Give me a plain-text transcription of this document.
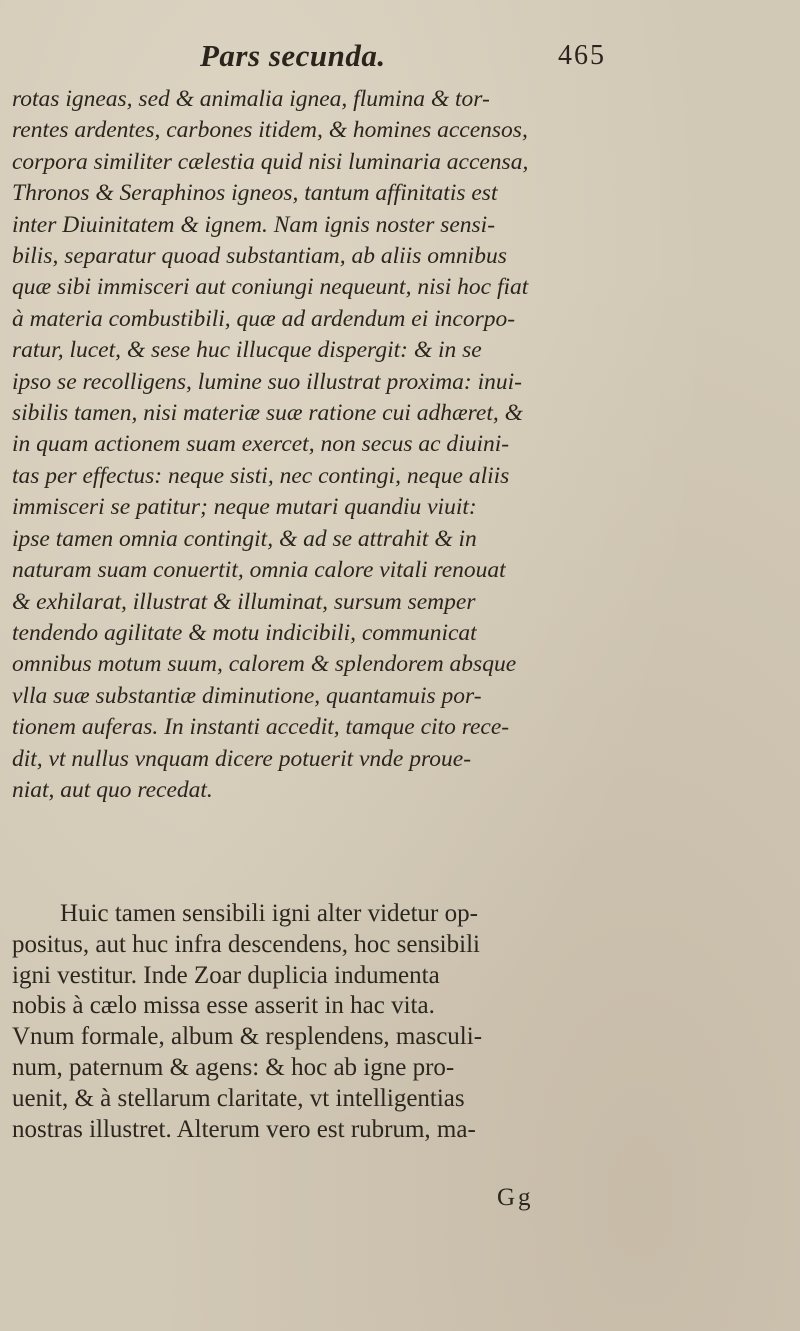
Pars secunda.	465
rotas igneas, sed & animalia ignea, flumina & tor-
rentes ardentes, carbones itidem, & homines accensos,
corpora similiter cælestia quid nisi luminaria accensa,
Thronos & Seraphinos igneos, tantum affinitatis est
inter Diuinitatem & ignem. Nam ignis noster sensi-
bilis, separatur quoad substantiam, ab aliis omnibus
quæ sibi immisceri aut coniungi nequeunt, nisi hoc fiat
à materia combustibili, quæ ad ardendum ei incorpo-
ratur, lucet, & sese huc illucque dispergit: & in se
ipso se recolligens, lumine suo illustrat proxima: inui-
sibilis tamen, nisi materiæ suæ ratione cui adhæret, &
in quam actionem suam exercet, non secus ac diuini-
tas per effectus: neque sisti, nec contingi, neque aliis
immisceri se patitur; neque mutari quandiu viuit:
ipse tamen omnia contingit, & ad se attrahit & in
naturam suam conuertit, omnia calore vitali renouat
& exhilarat, illustrat & illuminat, sursum semper
tendendo agilitate & motu indicibili, communicat
omnibus motum suum, calorem & splendorem absque
vlla suæ substantiæ diminutione, quantamuis por-
tionem auferas. In instanti accedit, tamque cito rece-
dit, vt nullus vnquam dicere potuerit vnde proue-
niat, aut quo recedat.
Huic tamen sensibili igni alter videtur op-
positus, aut huc infra descendens, hoc sensibili
igni vestitur. Inde Zoar duplicia indumenta
nobis à cælo missa esse asserit in hac vita.
Vnum formale, album & resplendens, masculi-
num, paternum & agens: & hoc ab igne pro-
uenit, & à stellarum claritate, vt intelligentias
nostras illustret. Alterum vero est rubrum, ma-
Gg
